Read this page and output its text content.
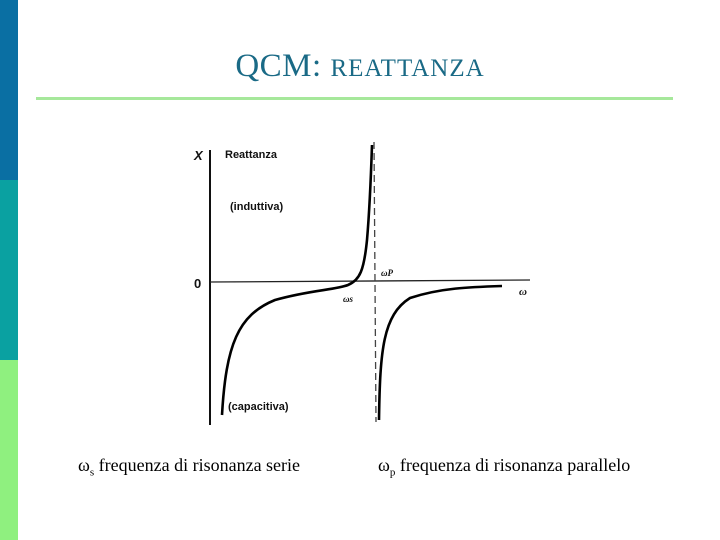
QCM: REATTANZA
X Reattanza
(induttiva)
0
ωP
ωs
ω
(capacitiva)
$\omega_s$ frequenza di risonanza serie	$\omega_p$ frequenza di risonanza parallelo
